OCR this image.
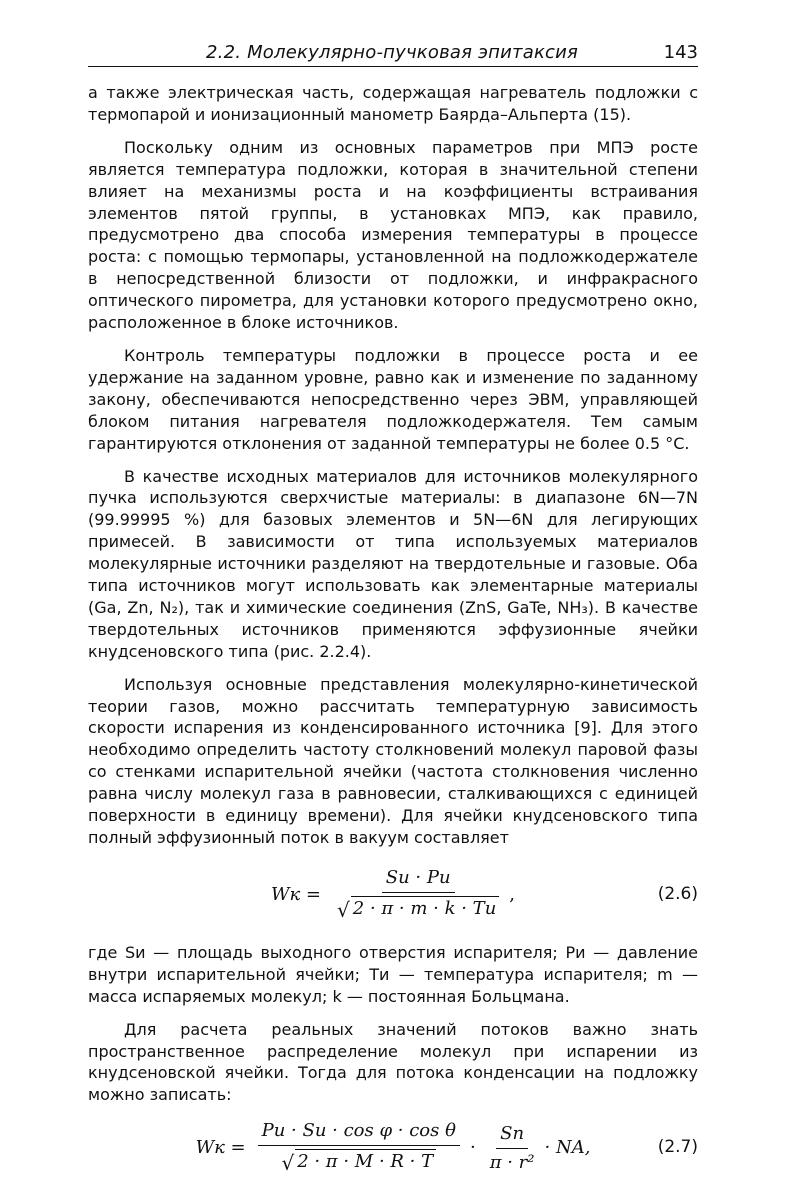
2.2. Молекулярно-пучковая эпитаксия	143

а также электрическая часть, содержащая нагреватель подложки с термопарой и ионизационный манометр Баярда–Альперта (15).

Поскольку одним из основных параметров при МПЭ росте является температура подложки, которая в значительной степени влияет на механизмы роста и на коэффициенты встраивания элементов пятой группы, в установках МПЭ, как правило, предусмотрено два способа измерения температуры в процессе роста: с помощью термопары, установленной на подложкодержателе в непосредственной близости от подложки, и инфракрасного оптического пирометра, для установки которого предусмотрено окно, расположенное в блоке источников.

Контроль температуры подложки в процессе роста и ее удержание на заданном уровне, равно как и изменение по заданному закону, обеспечиваются непосредственно через ЭВМ, управляющей блоком питания нагревателя подложкодержателя. Тем самым гарантируются отклонения от заданной температуры не более 0.5 °С.

В качестве исходных материалов для источников молекулярного пучка используются сверхчистые материалы: в диапазоне 6N—7N (99.99995 %) для базовых элементов и 5N—6N для легирующих примесей. В зависимости от типа используемых материалов молекулярные источники разделяют на твердотельные и газовые. Оба типа источников могут использовать как элементарные материалы (Ga, Zn, N₂), так и химические соединения (ZnS, GaTe, NH₃). В качестве твердотельных источников применяются эффузионные ячейки кнудсеновского типа (рис. 2.2.4).

Используя основные представления молекулярно-кинетической теории газов, можно рассчитать температурную зависимость скорости испарения из конденсированного источника [9]. Для этого необходимо определить частоту столкновений молекул паровой фазы со стенками испарительной ячейки (частота столкновения численно равна числу молекул газа в равновесии, сталкивающихся с единицей поверхности в единицу времени). Для ячейки кнудсеновского типа полный эффузионный поток в вакуум составляет

Wк = $\frac{Sи \cdot Pи}{√ 2 \cdot \pi \cdot m \cdot k \cdot Tи}$ ,	(2.6)

где Sи — площадь выходного отверстия испарителя; Pи — давление внутри испарительной ячейки; Tи — температура испарителя; m — масса испаряемых молекул; k — постоянная Больцмана.

Для расчета реальных значений потоков важно знать пространственное распределение молекул при испарении из кнудсеновской ячейки. Тогда для потока конденсации на подложку можно записать:

Wк = $\frac{\text{Pи · Sи · cos φ · cos θ}}{√ 2 \cdot \pi \cdot M \cdot R \cdot T} \cdot \frac{Sп}{\text{π · r²}}$ · NA,	(2.7)
